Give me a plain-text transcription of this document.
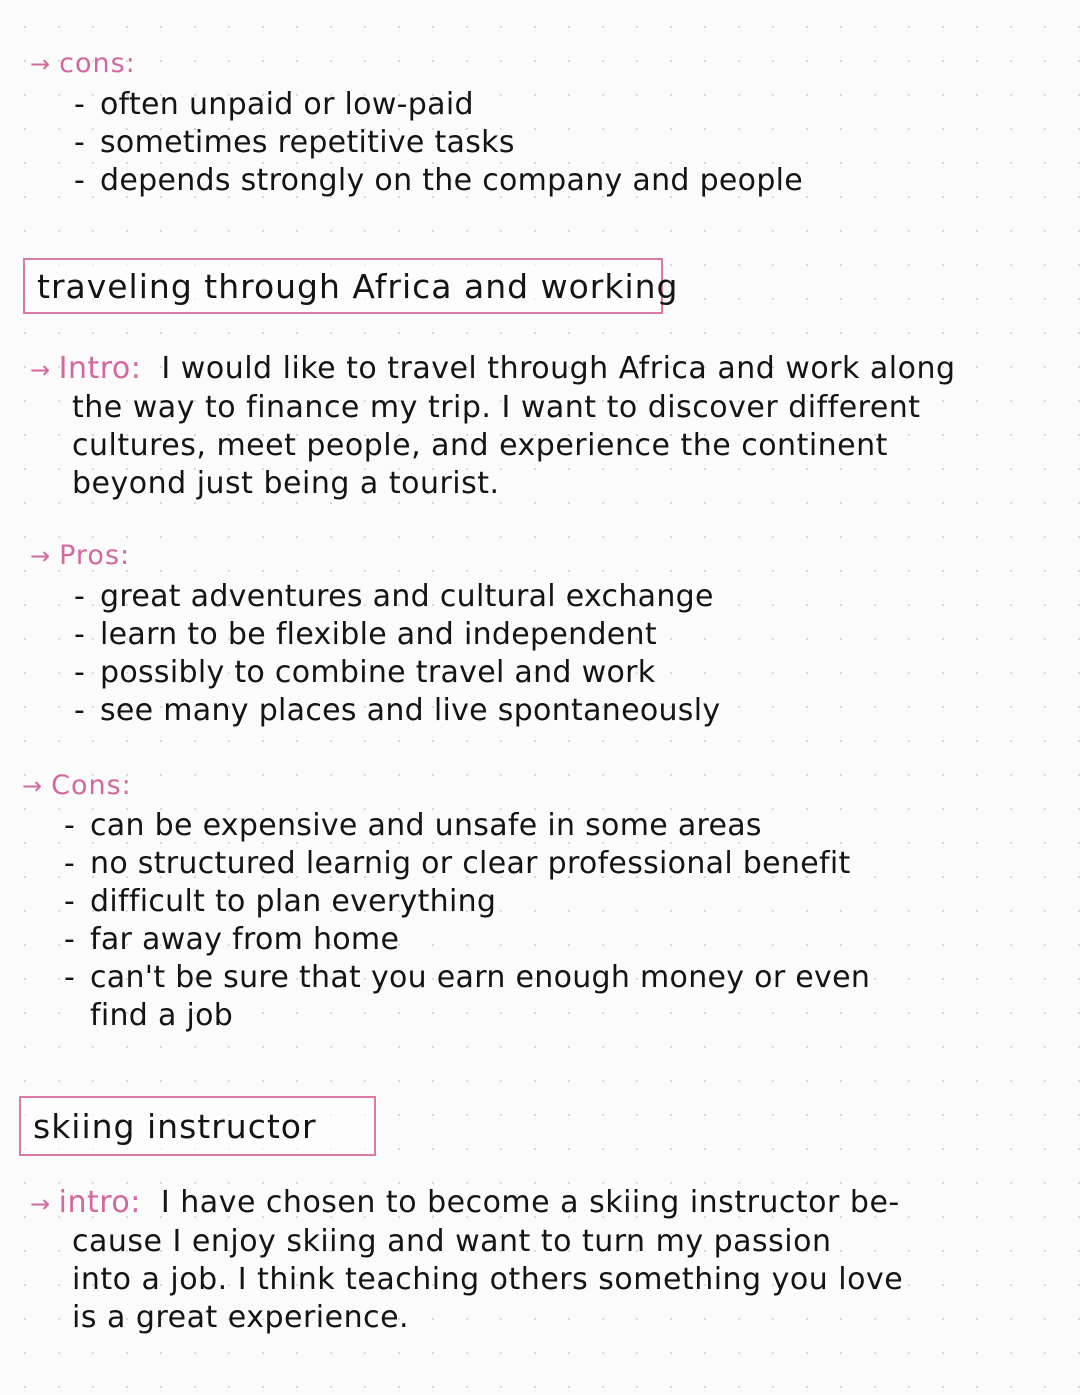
→ cons:
- often unpaid or low-paid
- sometimes repetitive tasks
- depends strongly on the company and people
traveling through Africa and working
→ Intro: I would like to travel through Africa and work along
the way to finance my trip. I want to discover different
cultures, meet people, and experience the continent
beyond just being a tourist.
→ Pros:
- great adventures and cultural exchange
- learn to be flexible and independent
- possibly to combine travel and work
- see many places and live spontaneously
→ Cons:
- can be expensive and unsafe in some areas
- no structured learnig or clear professional benefit
- difficult to plan everything
- far away from home
- can't be sure that you earn enough money or even
find a job
skiing instructor
→ intro: I have chosen to become a skiing instructor be-
cause I enjoy skiing and want to turn my passion
into a job. I think teaching others something you love
is a great experience.
